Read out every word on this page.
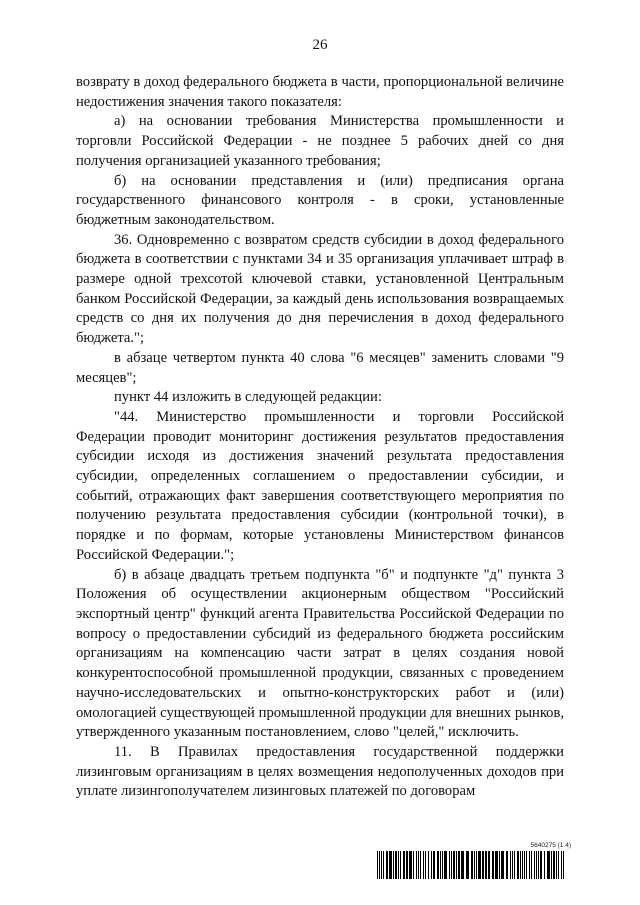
26

возврату в доход федерального бюджета в части, пропорциональной величине недостижения значения такого показателя:

а) на основании требования Министерства промышленности и торговли Российской Федерации - не позднее 5 рабочих дней со дня получения организацией указанного требования;

б) на основании представления и (или) предписания органа государственного финансового контроля - в сроки, установленные бюджетным законодательством.

36. Одновременно с возвратом средств субсидии в доход федерального бюджета в соответствии с пунктами 34 и 35 организация уплачивает штраф в размере одной трехсотой ключевой ставки, установленной Центральным банком Российской Федерации, за каждый день использования возвращаемых средств со дня их получения до дня перечисления в доход федерального бюджета.";

в абзаце четвертом пункта 40 слова "6 месяцев" заменить словами "9 месяцев";

пункт 44 изложить в следующей редакции:

"44. Министерство промышленности и торговли Российской Федерации проводит мониторинг достижения результатов предоставления субсидии исходя из достижения значений результата предоставления субсидии, определенных соглашением о предоставлении субсидии, и событий, отражающих факт завершения соответствующего мероприятия по получению результата предоставления субсидии (контрольной точки), в порядке и по формам, которые установлены Министерством финансов Российской Федерации.";

б) в абзаце двадцать третьем подпункта "б" и подпункте "д" пункта 3 Положения об осуществлении акционерным обществом "Российский экспортный центр" функций агента Правительства Российской Федерации по вопросу о предоставлении субсидий из федерального бюджета российским организациям на компенсацию части затрат в целях создания новой конкурентоспособной промышленной продукции, связанных с проведением научно-исследовательских и опытно-конструкторских работ и (или) омологацией существующей промышленной продукции для внешних рынков, утвержденного указанным постановлением, слово "целей," исключить.

11. В Правилах предоставления государственной поддержки лизинговым организациям в целях возмещения недополученных доходов при уплате лизингополучателем лизинговых платежей по договорам

5640275 (1.4)
